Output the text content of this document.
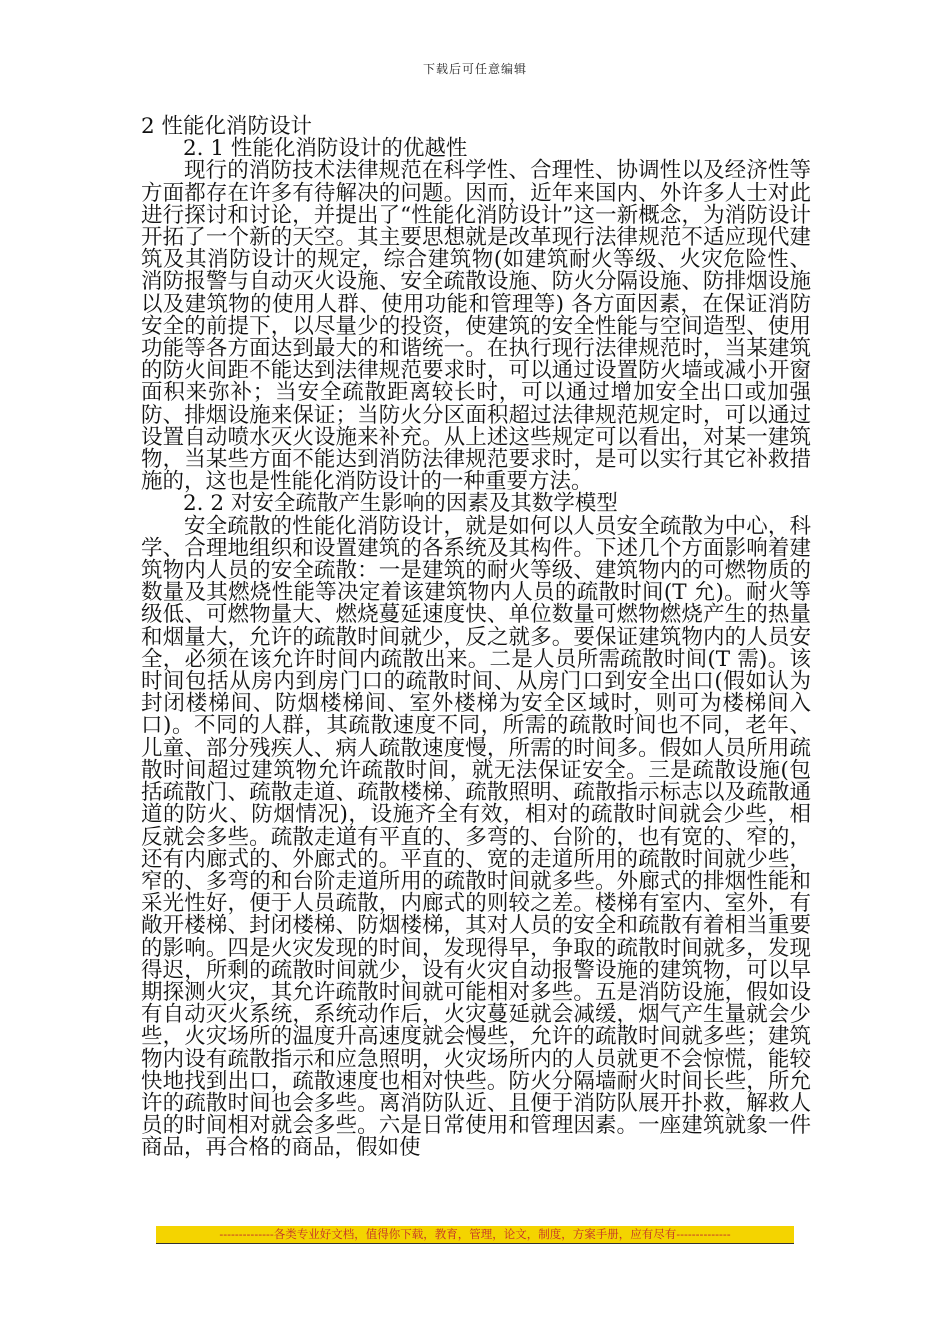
下载后可任意编辑

2 性能化消防设计

2. 1 性能化消防设计的优越性

现行的消防技术法律规范在科学性、合理性、协调性以及经济性等方面都存在许多有待解决的问题。因而，近年来国内、外许多人士对此进行探讨和讨论，并提出了“性能化消防设计”这一新概念，为消防设计开拓了一个新的天空。其主要思想就是改革现行法律规范不适应现代建筑及其消防设计的规定，综合建筑物(如建筑耐火等级、火灾危险性、消防报警与自动灭火设施、安全疏散设施、防火分隔设施、防排烟设施以及建筑物的使用人群、使用功能和管理等) 各方面因素，在保证消防安全的前提下，以尽量少的投资，使建筑的安全性能与空间造型、使用功能等各方面达到最大的和谐统一。在执行现行法律规范时，当某建筑的防火间距不能达到法律规范要求时，可以通过设置防火墙或减小开窗面积来弥补；当安全疏散距离较长时，可以通过增加安全出口或加强防、排烟设施来保证；当防火分区面积超过法律规范规定时，可以通过设置自动喷水灭火设施来补充。从上述这些规定可以看出，对某一建筑物，当某些方面不能达到消防法律规范要求时，是可以实行其它补救措施的，这也是性能化消防设计的一种重要方法。

2. 2 对安全疏散产生影响的因素及其数学模型

安全疏散的性能化消防设计，就是如何以人员安全疏散为中心，科学、合理地组织和设置建筑的各系统及其构件。下述几个方面影响着建筑物内人员的安全疏散：一是建筑的耐火等级、建筑物内的可燃物质的数量及其燃烧性能等决定着该建筑物内人员的疏散时间(T 允)。耐火等级低、可燃物量大、燃烧蔓延速度快、单位数量可燃物燃烧产生的热量和烟量大，允许的疏散时间就少，反之就多。要保证建筑物内的人员安全，必须在该允许时间内疏散出来。二是人员所需疏散时间(T 需)。该时间包括从房内到房门口的疏散时间、从房门口到安全出口(假如认为封闭楼梯间、防烟楼梯间、室外楼梯为安全区域时，则可为楼梯间入口)。不同的人群，其疏散速度不同，所需的疏散时间也不同，老年、儿童、部分残疾人、病人疏散速度慢，所需的时间多。假如人员所用疏散时间超过建筑物允许疏散时间，就无法保证安全。三是疏散设施(包括疏散门、疏散走道、疏散楼梯、疏散照明、疏散指示标志以及疏散通道的防火、防烟情况)，设施齐全有效，相对的疏散时间就会少些，相反就会多些。疏散走道有平直的、多弯的、台阶的，也有宽的、窄的，还有内廊式的、外廊式的。平直的、宽的走道所用的疏散时间就少些，窄的、多弯的和台阶走道所用的疏散时间就多些。外廊式的排烟性能和采光性好，便于人员疏散，内廊式的则较之差。楼梯有室内、室外，有敞开楼梯、封闭楼梯、防烟楼梯，其对人员的安全和疏散有着相当重要的影响。四是火灾发现的时间，发现得早，争取的疏散时间就多，发现得迟，所剩的疏散时间就少，设有火灾自动报警设施的建筑物，可以早期探测火灾，其允许疏散时间就可能相对多些。五是消防设施，假如设有自动灭火系统，系统动作后，火灾蔓延就会减缓，烟气产生量就会少些，火灾场所的温度升高速度就会慢些，允许的疏散时间就多些；建筑物内设有疏散指示和应急照明，火灾场所内的人员就更不会惊慌，能较快地找到出口，疏散速度也相对快些。防火分隔墙耐火时间长些，所允许的疏散时间也会多些。离消防队近、且便于消防队展开扑救，解救人员的时间相对就会多些。六是日常使用和管理因素。一座建筑就象一件商品，再合格的商品，假如使

--------------各类专业好文档，值得你下载，教育，管理，论文，制度，方案手册，应有尽有--------------
